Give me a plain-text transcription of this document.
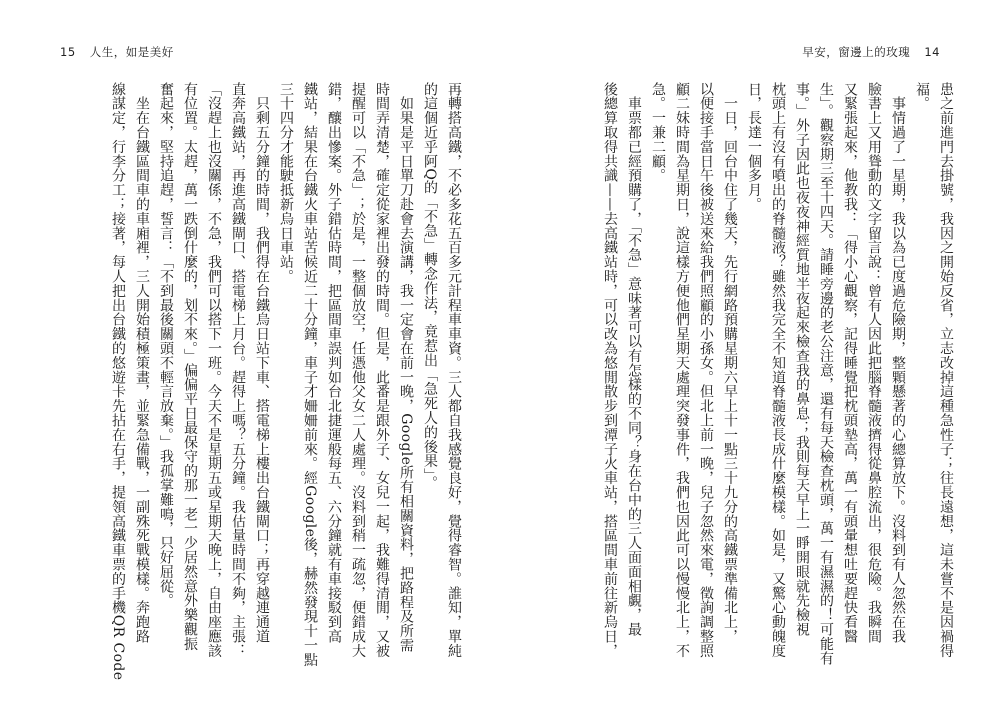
15 人生，如是美好	早安，窗邊上的玫瑰 14
患之前進門去掛號，我因之開始反省，立志改掉這種急性子；往長遠想，這未嘗不是因禍得
福。
　事情過了一星期，我以為已度過危險期，整顆懸著的心總算放下。沒料到有人忽然在我
臉書上又用聳動的文字留言說：曾有人因此把腦脊髓液擠得從鼻腔流出，很危險。我瞬間
又緊張起來，他教我：「得小心觀察，記得睡覺把枕頭墊高，萬一有頭暈想吐要趕快看醫
生」。觀察期三至十四天。請睡旁邊的老公注意，還有每天檢查枕頭，萬一有濕濕的！可能有
事。」外子因此也夜夜神經質地半夜起來檢查我的鼻息；我則每天早上一睜開眼就先檢視
枕頭上有沒有噴出的脊髓液？雖然我完全不知道脊髓液長成什麼模樣。如是，又驚心動魄度
日，長達一個多月。
　一日，回台中住了幾天，先行網路預購星期六早上十一點三十九分的高鐵票準備北上，
以便接手當日午後被送來給我們照顧的小孫女。但北上前一晚，兒子忽然來電，徵詢調整照
顧二妹時間為星期日，說這樣方便他們星期天處理突發事件，我們也因此可以慢慢北上，不
急。一兼二顧。
　車票都已經預購了，「不急」意味著可以有怎樣的不同？身在台中的三人面面相覷，最
後總算取得共識——去高鐵站時，可以改為悠閒散步到潭子火車站，搭區間車前往新烏日，
再轉搭高鐵，不必多花五百多元計程車車資。三人都自我感覺良好，覺得睿智。誰知，單純
的這個近乎阿Q的「不急」轉念作法，竟惹出「急死人的後果」。
　如果是平日單刀赴會去演講，我一定會在前一晚，Google所有相關資料，把路程及所需
時間弄清楚，確定從家裡出發的時間。但是，此番是跟外子、女兒一起，我難得清閒，又被
提醒可以「不急」；於是，一整個放空，任憑他父女二人處理。沒料到稍一疏忽，便錯成大
錯，釀出慘案。外子錯估時間，把區間車誤判如台北捷運般每五、六分鐘就有車接駁到高
鐵站，結果在台鐵火車站苦候近二十分鐘，車子才姍姍前來。經Google後，赫然發現十一點
三十四分才能駛抵新烏日車站。
　只剩五分鐘的時間，我們得在台鐵烏日站下車、搭電梯上樓出台鐵閘口；再穿越連通道
直奔高鐵站，再進高鐵閘口、搭電梯上月台。趕得上嗎？五分鐘。我估量時間不夠，主張：
「沒趕上也沒關係，不急，我們可以搭下一班。今天不是星期五或星期天晚上，自由座應該
有位置。太趕，萬一跌倒什麼的，划不來。」偏偏平日最保守的那一老一少居然意外樂觀振
奮起來，堅持追趕，誓言：「不到最後關頭不輕言放棄。」我孤掌難鳴，只好屈從。
　坐在台鐵區間車的車廂裡，三人開始積極策畫，並緊急備戰，一副殊死戰模樣。奔跑路
線謀定，行李分工；接著，每人把出台鐵的悠遊卡先拈在右手，提領高鐵車票的手機QR Code
